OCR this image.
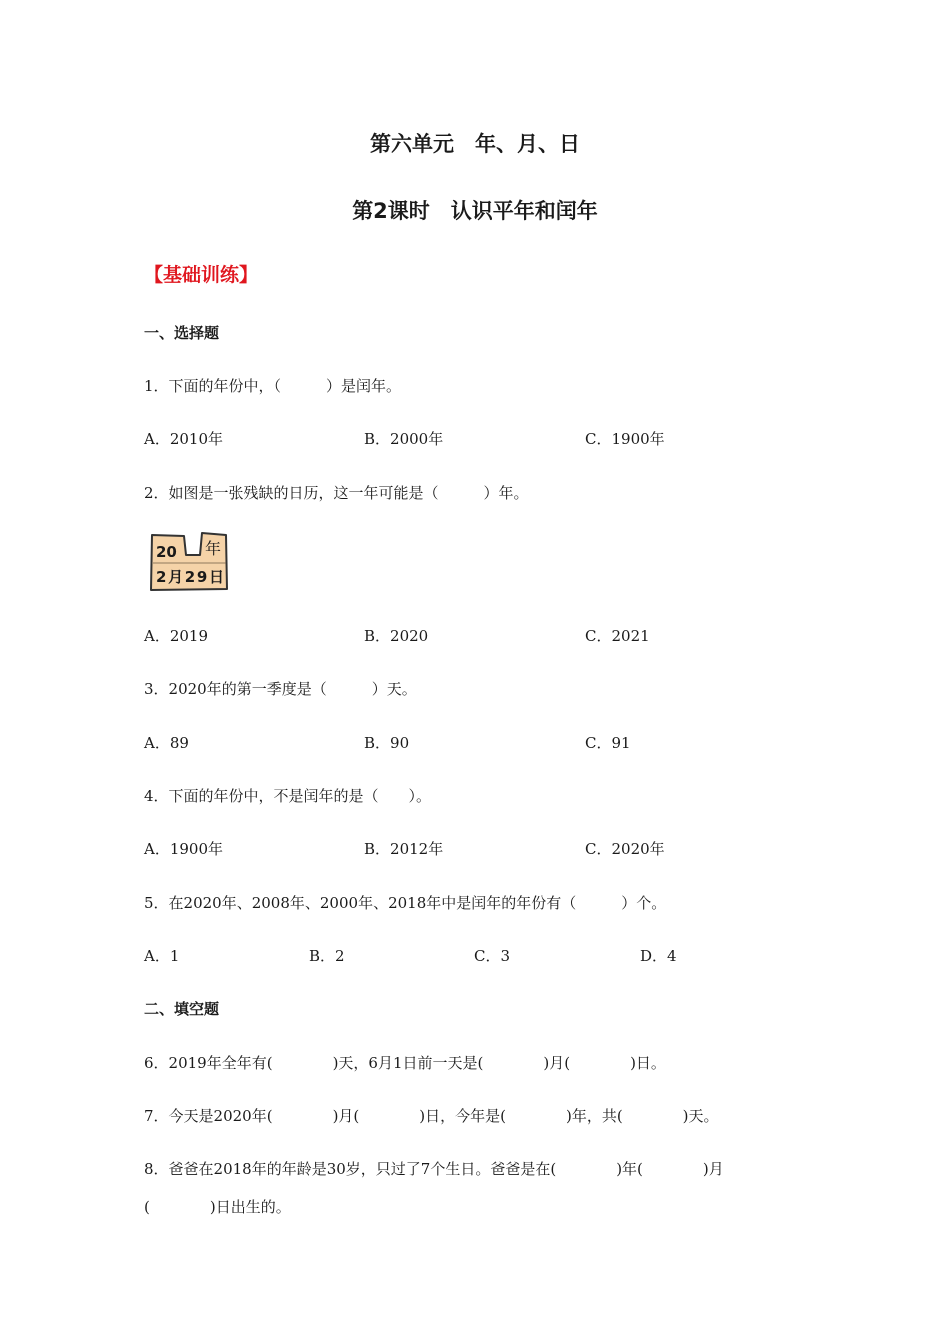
第六单元　年、月、日
第2课时　认识平年和闰年
【基础训练】
一、选择题
1．下面的年份中，（　　　）是闰年。
A．2010年	B．2000年	C．1900年
2．如图是一张残缺的日历，这一年可能是（　　　）年。
20 年
2月29日
A．2019	B．2020	C．2021
3．2020年的第一季度是（　　　）天。
A．89	B．90	C．91
4．下面的年份中，不是闰年的是（　　）。
A．1900年	B．2012年	C．2020年
5．在2020年、2008年、2000年、2018年中是闰年的年份有（　　　）个。
A．1	B．2	C．3	D．4
二、填空题
6．2019年全年有(　　　　)天，6月1日前一天是(　　　　)月(　　　　)日。
7．今天是2020年(　　　　)月(　　　　)日，今年是(　　　　)年，共(　　　　)天。
8．爸爸在2018年的年龄是30岁，只过了7个生日。爸爸是在(　　　　)年(　　　　)月
(　　　　)日出生的。
